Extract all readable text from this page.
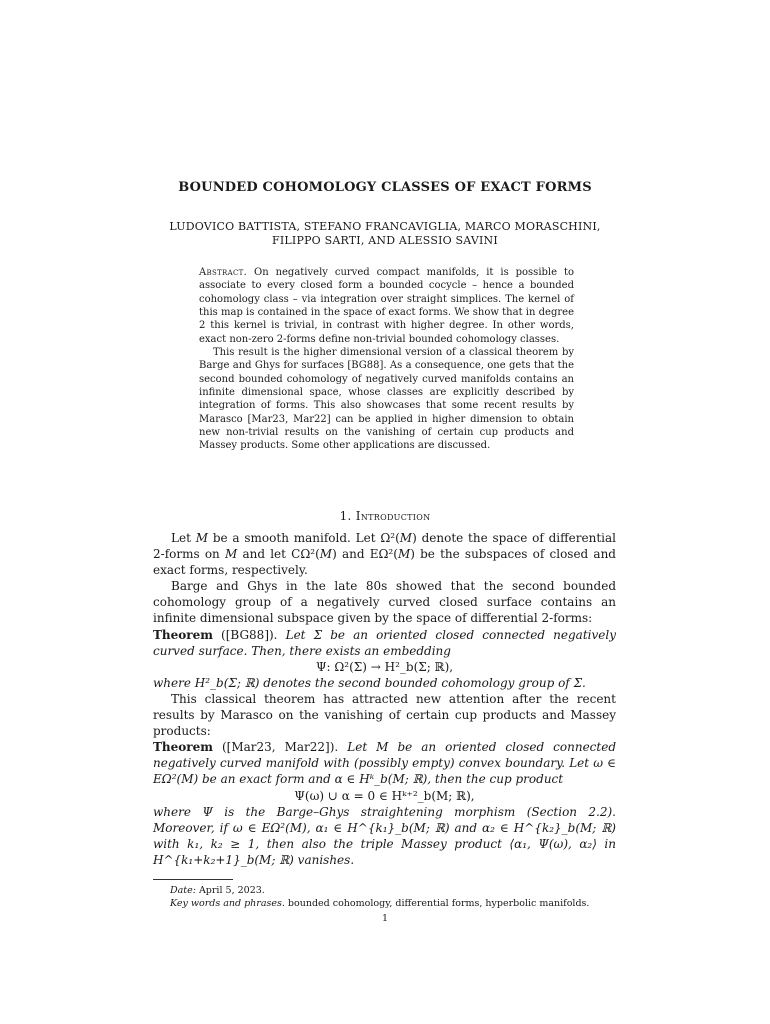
BOUNDED COHOMOLOGY CLASSES OF EXACT FORMS
LUDOVICO BATTISTA, STEFANO FRANCAVIGLIA, MARCO MORASCHINI,
FILIPPO SARTI, AND ALESSIO SAVINI

Abstract. On negatively curved compact manifolds, it is possible to associate to every closed form a bounded cocycle – hence a bounded cohomology class – via integration over straight simplices. The kernel of this map is contained in the space of exact forms. We show that in degree 2 this kernel is trivial, in contrast with higher degree. In other words, exact non-zero 2-forms define non-trivial bounded cohomology classes.

This result is the higher dimensional version of a classical theorem by Barge and Ghys for surfaces [BG88]. As a consequence, one gets that the second bounded cohomology of negatively curved manifolds contains an infinite dimensional space, whose classes are explicitly described by integration of forms. This also showcases that some recent results by Marasco [Mar23, Mar22] can be applied in higher dimension to obtain new non-trivial results on the vanishing of certain cup products and Massey products. Some other applications are discussed.

1. Introduction

Let M be a smooth manifold. Let Ω²(M) denote the space of differential 2-forms on M and let CΩ²(M) and EΩ²(M) be the subspaces of closed and exact forms, respectively.

Barge and Ghys in the late 80s showed that the second bounded cohomology group of a negatively curved closed surface contains an infinite dimensional subspace given by the space of differential 2-forms:

Theorem ([BG88]). Let Σ be an oriented closed connected negatively curved surface. Then, there exists an embedding

Ψ: Ω²(Σ) → H²_b(Σ; ℝ),

where H²_b(Σ; ℝ) denotes the second bounded cohomology group of Σ.

This classical theorem has attracted new attention after the recent results by Marasco on the vanishing of certain cup products and Massey products:

Theorem ([Mar23, Mar22]). Let M be an oriented closed connected negatively curved manifold with (possibly empty) convex boundary. Let ω ∈ EΩ²(M) be an exact form and α ∈ Hᵏ_b(M; ℝ), then the cup product

Ψ(ω) ∪ α = 0 ∈ Hᵏ⁺²_b(M; ℝ),

where Ψ is the Barge–Ghys straightening morphism (Section 2.2). Moreover, if ω ∈ EΩ²(M), α₁ ∈ H^{k₁}_b(M; ℝ) and α₂ ∈ H^{k₂}_b(M; ℝ) with k₁, k₂ ≥ 1, then also the triple Massey product ⟨α₁, Ψ(ω), α₂⟩ in H^{k₁+k₂+1}_b(M; ℝ) vanishes.

Date: April 5, 2023.

Key words and phrases. bounded cohomology, differential forms, hyperbolic manifolds.

1
